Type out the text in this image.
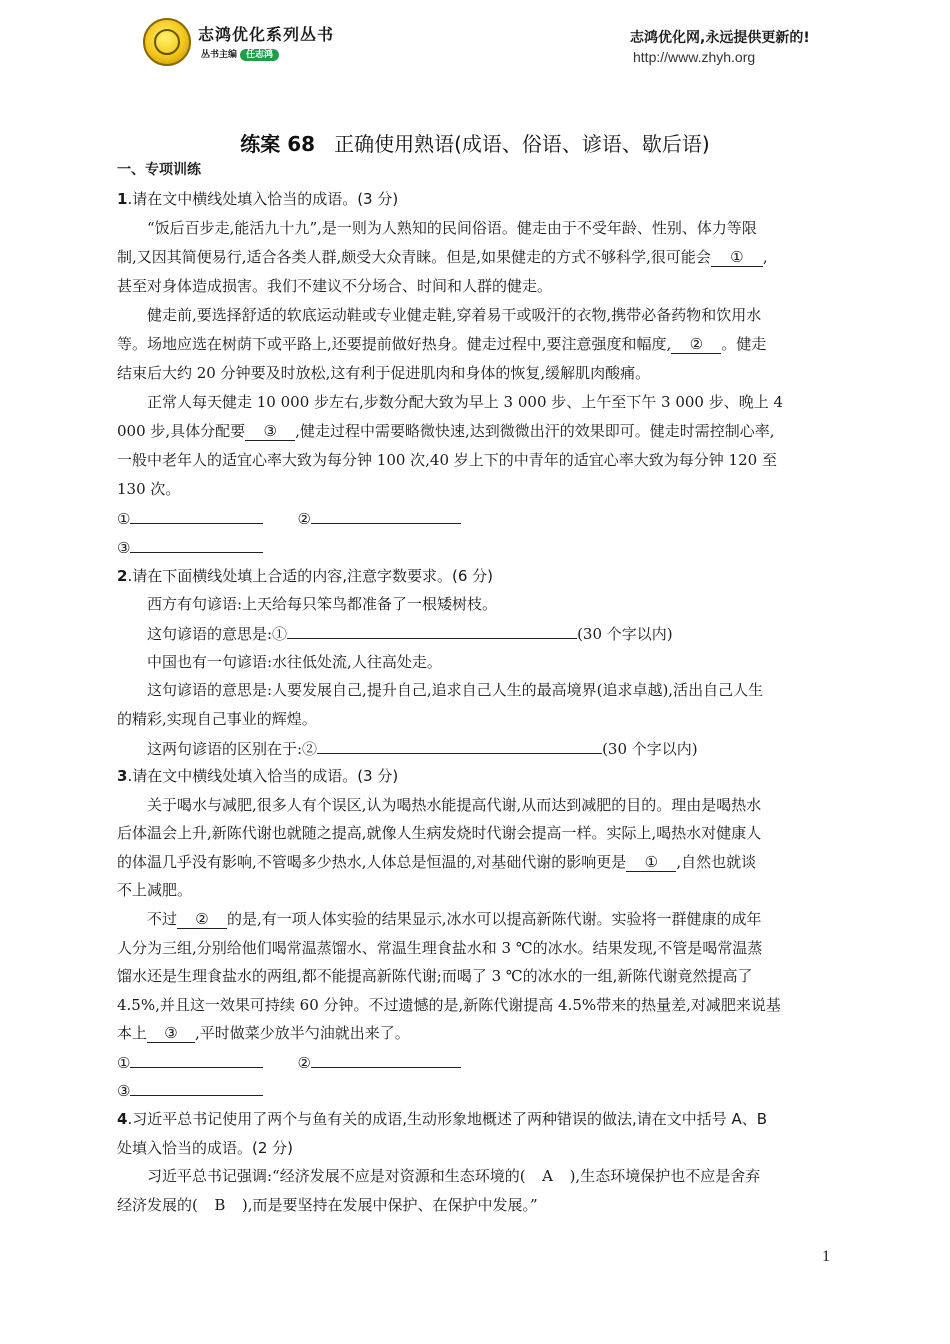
志鸿优化系列丛书
丛书主编 任志鸿
志鸿优化网,永远提供更新的!
http://www.zhyh.org
练案 68 正确使用熟语(成语、俗语、谚语、歇后语)
一、专项训练
1.请在文中横线处填入恰当的成语。(3 分)
“饭后百步走,能活九十九”,是一则为人熟知的民间俗语。健走由于不受年龄、性别、体力等限
制,又因其简便易行,适合各类人群,颇受大众青睐。但是,如果健走的方式不够科学,很可能会 ① ,
甚至对身体造成损害。我们不建议不分场合、时间和人群的健走。
健走前,要选择舒适的软底运动鞋或专业健走鞋,穿着易干或吸汗的衣物,携带必备药物和饮用水
等。场地应选在树荫下或平路上,还要提前做好热身。健走过程中,要注意强度和幅度, ② 。健走
结束后大约 20 分钟要及时放松,这有利于促进肌肉和身体的恢复,缓解肌肉酸痛。
正常人每天健走 10 000 步左右,步数分配大致为早上 3 000 步、上午至下午 3 000 步、晚上 4
000 步,具体分配要 ③ ,健走过程中需要略微快速,达到微微出汗的效果即可。健走时需控制心率,
一般中老年人的适宜心率大致为每分钟 100 次,40 岁上下的中青年的适宜心率大致为每分钟 120 至
130 次。
①	②
③
2.请在下面横线处填上合适的内容,注意字数要求。(6 分)
西方有句谚语:上天给每只笨鸟都准备了一根矮树枝。
这句谚语的意思是:①	(30 个字以内)
中国也有一句谚语:水往低处流,人往高处走。
这句谚语的意思是:人要发展自己,提升自己,追求自己人生的最高境界(追求卓越),活出自己人生
的精彩,实现自己事业的辉煌。
这两句谚语的区别在于:②	(30 个字以内)
3.请在文中横线处填入恰当的成语。(3 分)
关于喝水与减肥,很多人有个误区,认为喝热水能提高代谢,从而达到减肥的目的。理由是喝热水
后体温会上升,新陈代谢也就随之提高,就像人生病发烧时代谢会提高一样。实际上,喝热水对健康人
的体温几乎没有影响,不管喝多少热水,人体总是恒温的,对基础代谢的影响更是 ① ,自然也就谈
不上减肥。
不过 ② 的是,有一项人体实验的结果显示,冰水可以提高新陈代谢。实验将一群健康的成年
人分为三组,分别给他们喝常温蒸馏水、常温生理食盐水和 3 ℃的冰水。结果发现,不管是喝常温蒸
馏水还是生理食盐水的两组,都不能提高新陈代谢;而喝了 3 ℃的冰水的一组,新陈代谢竟然提高了
4.5%,并且这一效果可持续 60 分钟。不过遗憾的是,新陈代谢提高 4.5%带来的热量差,对减肥来说基
本上 ③ ,平时做菜少放半勺油就出来了。
①	②
③
4.习近平总书记使用了两个与鱼有关的成语,生动形象地概述了两种错误的做法,请在文中括号 A、B
处填入恰当的成语。(2 分)
习近平总书记强调:“经济发展不应是对资源和生态环境的( A ),生态环境保护也不应是舍弃
经济发展的( B ),而是要坚持在发展中保护、在保护中发展。”
1
